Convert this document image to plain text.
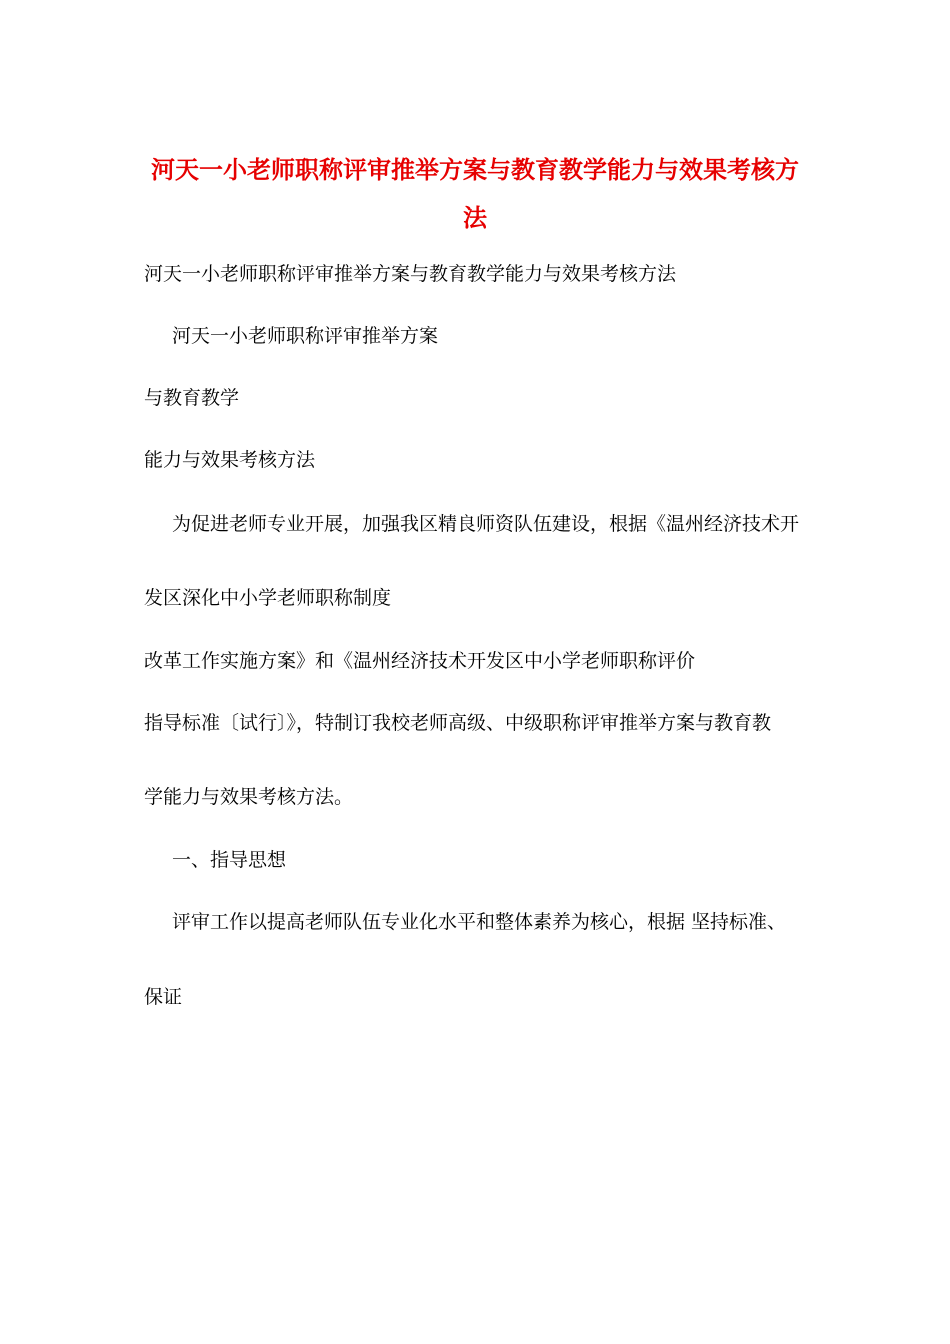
河天一小老师职称评审推举方案与教育教学能力与效果考核方法

河天一小老师职称评审推举方案与教育教学能力与效果考核方法

河天一小老师职称评审推举方案

与教育教学

能力与效果考核方法

为促进老师专业开展，加强我区精良师资队伍建设，根据《温州经济技术开

发区深化中小学老师职称制度

改革工作实施方案》和《温州经济技术开发区中小学老师职称评价

指导标准〔试行〕》，特制订我校老师高级、中级职称评审推举方案与教育教

学能力与效果考核方法。

一、指导思想

评审工作以提高老师队伍专业化水平和整体素养为核心，根据 坚持标准、

保证
